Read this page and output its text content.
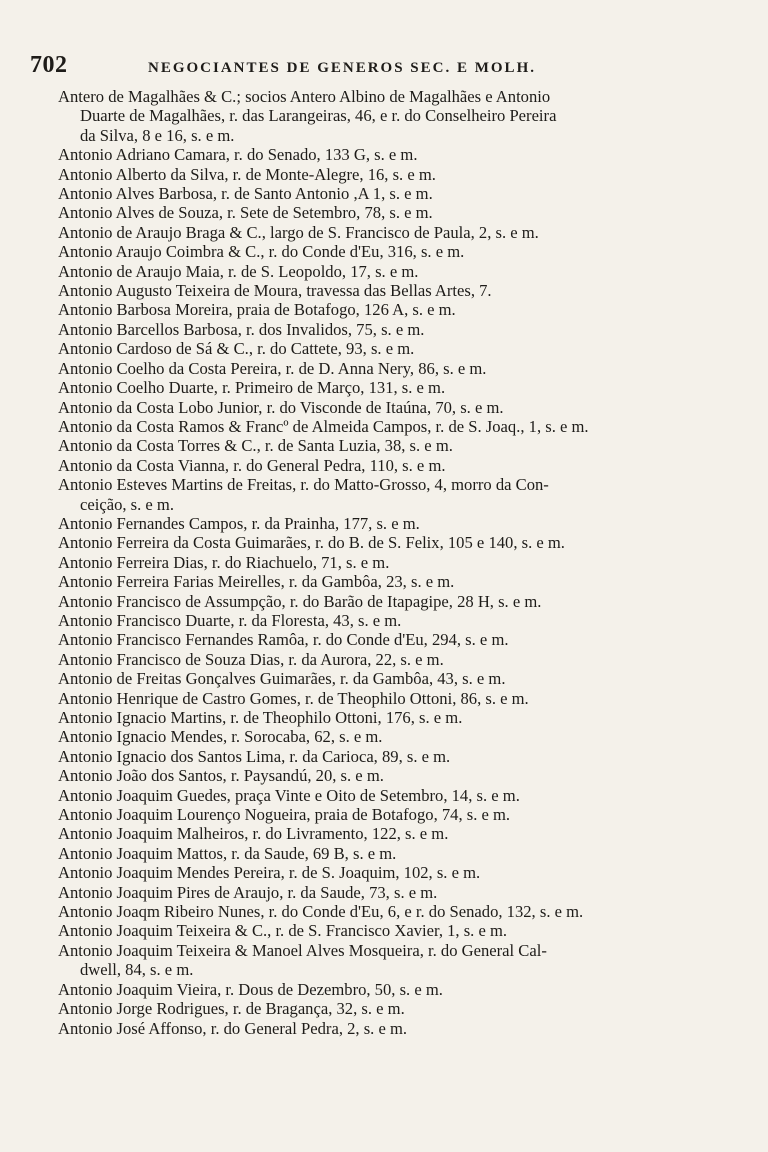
702	NEGOCIANTES DE GENEROS SEC. E MOLH.

Antero de Magalhães & C.; socios Antero Albino de Magalhães e Antonio

Duarte de Magalhães, r. das Larangeiras, 46, e r. do Conselheiro Pereira
da Silva, 8 e 16, s. e m.

Antonio Adriano Camara, r. do Senado, 133 G, s. e m.

Antonio Alberto da Silva, r. de Monte-Alegre, 16, s. e m.

Antonio Alves Barbosa, r. de Santo Antonio ,A 1, s. e m.

Antonio Alves de Souza, r. Sete de Setembro, 78, s. e m.

Antonio de Araujo Braga & C., largo de S. Francisco de Paula, 2, s. e m.

Antonio Araujo Coimbra & C., r. do Conde d'Eu, 316, s. e m.

Antonio de Araujo Maia, r. de S. Leopoldo, 17, s. e m.

Antonio Augusto Teixeira de Moura, travessa das Bellas Artes, 7.

Antonio Barbosa Moreira, praia de Botafogo, 126 A, s. e m.

Antonio Barcellos Barbosa, r. dos Invalidos, 75, s. e m.

Antonio Cardoso de Sá & C., r. do Cattete, 93, s. e m.

Antonio Coelho da Costa Pereira, r. de D. Anna Nery, 86, s. e m.

Antonio Coelho Duarte, r. Primeiro de Março, 131, s. e m.

Antonio da Costa Lobo Junior, r. do Visconde de Itaúna, 70, s. e m.

Antonio da Costa Ramos & Francº de Almeida Campos, r. de S. Joaq., 1, s. e m.

Antonio da Costa Torres & C., r. de Santa Luzia, 38, s. e m.

Antonio da Costa Vianna, r. do General Pedra, 110, s. e m.

Antonio Esteves Martins de Freitas, r. do Matto-Grosso, 4, morro da Con-

ceição, s. e m.

Antonio Fernandes Campos, r. da Prainha, 177, s. e m.

Antonio Ferreira da Costa Guimarães, r. do B. de S. Felix, 105 e 140, s. e m.

Antonio Ferreira Dias, r. do Riachuelo, 71, s. e m.

Antonio Ferreira Farias Meirelles, r. da Gambôa, 23, s. e m.

Antonio Francisco de Assumpção, r. do Barão de Itapagipe, 28 H, s. e m.

Antonio Francisco Duarte, r. da Floresta, 43, s. e m.

Antonio Francisco Fernandes Ramôa, r. do Conde d'Eu, 294, s. e m.

Antonio Francisco de Souza Dias, r. da Aurora, 22, s. e m.

Antonio de Freitas Gonçalves Guimarães, r. da Gambôa, 43, s. e m.

Antonio Henrique de Castro Gomes, r. de Theophilo Ottoni, 86, s. e m.

Antonio Ignacio Martins, r. de Theophilo Ottoni, 176, s. e m.

Antonio Ignacio Mendes, r. Sorocaba, 62, s. e m.

Antonio Ignacio dos Santos Lima, r. da Carioca, 89, s. e m.

Antonio João dos Santos, r. Paysandú, 20, s. e m.

Antonio Joaquim Guedes, praça Vinte e Oito de Setembro, 14, s. e m.

Antonio Joaquim Lourenço Nogueira, praia de Botafogo, 74, s. e m.

Antonio Joaquim Malheiros, r. do Livramento, 122, s. e m.

Antonio Joaquim Mattos, r. da Saude, 69 B, s. e m.

Antonio Joaquim Mendes Pereira, r. de S. Joaquim, 102, s. e m.

Antonio Joaquim Pires de Araujo, r. da Saude, 73, s. e m.

Antonio Joaqm Ribeiro Nunes, r. do Conde d'Eu, 6, e r. do Senado, 132, s. e m.

Antonio Joaquim Teixeira & C., r. de S. Francisco Xavier, 1, s. e m.

Antonio Joaquim Teixeira & Manoel Alves Mosqueira, r. do General Cal-

dwell, 84, s. e m.

Antonio Joaquim Vieira, r. Dous de Dezembro, 50, s. e m.

Antonio Jorge Rodrigues, r. de Bragança, 32, s. e m.

Antonio José Affonso, r. do General Pedra, 2, s. e m.
